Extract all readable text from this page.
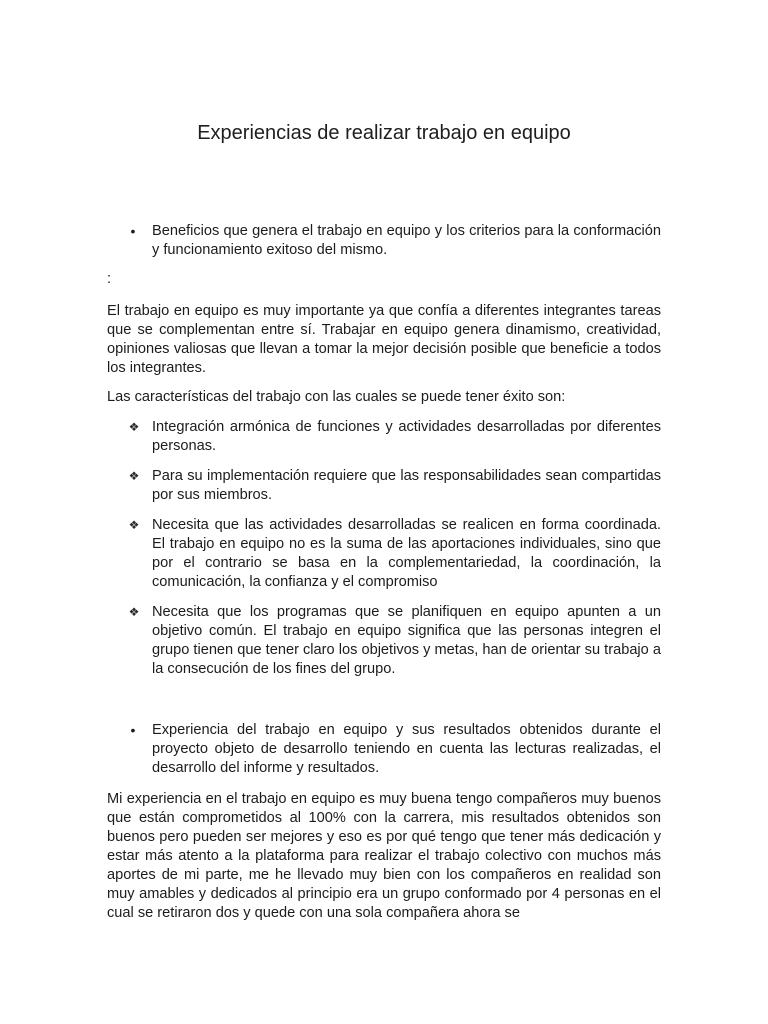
Experiencias de realizar trabajo en equipo
• Beneficios que genera el trabajo en equipo y los criterios para la conformación y funcionamiento exitoso del mismo.
:
El trabajo en equipo es muy importante ya que confía a diferentes integrantes tareas que se complementan entre sí. Trabajar en equipo genera dinamismo, creatividad, opiniones valiosas que llevan a tomar la mejor decisión posible que beneficie a todos los integrantes.
Las características del trabajo con las cuales se puede tener éxito son:
❖ Integración armónica de funciones y actividades desarrolladas por diferentes personas.
❖ Para su implementación requiere que las responsabilidades sean compartidas por sus miembros.
❖ Necesita que las actividades desarrolladas se realicen en forma coordinada. El trabajo en equipo no es la suma de las aportaciones individuales, sino que por el contrario se basa en la complementariedad, la coordinación, la comunicación, la confianza y el compromiso
❖ Necesita que los programas que se planifiquen en equipo apunten a un objetivo común. El trabajo en equipo significa que las personas integren el grupo tienen que tener claro los objetivos y metas, han de orientar su trabajo a la consecución de los fines del grupo.
• Experiencia del trabajo en equipo y sus resultados obtenidos durante el proyecto objeto de desarrollo teniendo en cuenta las lecturas realizadas, el desarrollo del informe y resultados.
Mi experiencia en el trabajo en equipo es muy buena tengo compañeros muy buenos que están comprometidos al 100% con la carrera, mis resultados obtenidos son buenos pero pueden ser mejores y eso es por qué tengo que tener más dedicación y estar más atento a la plataforma para realizar el trabajo colectivo con muchos más aportes de mi parte, me he llevado muy bien con los compañeros en realidad son muy amables y dedicados al principio era un grupo conformado por 4 personas en el cual se retiraron dos y quede con una sola compañera ahora se
